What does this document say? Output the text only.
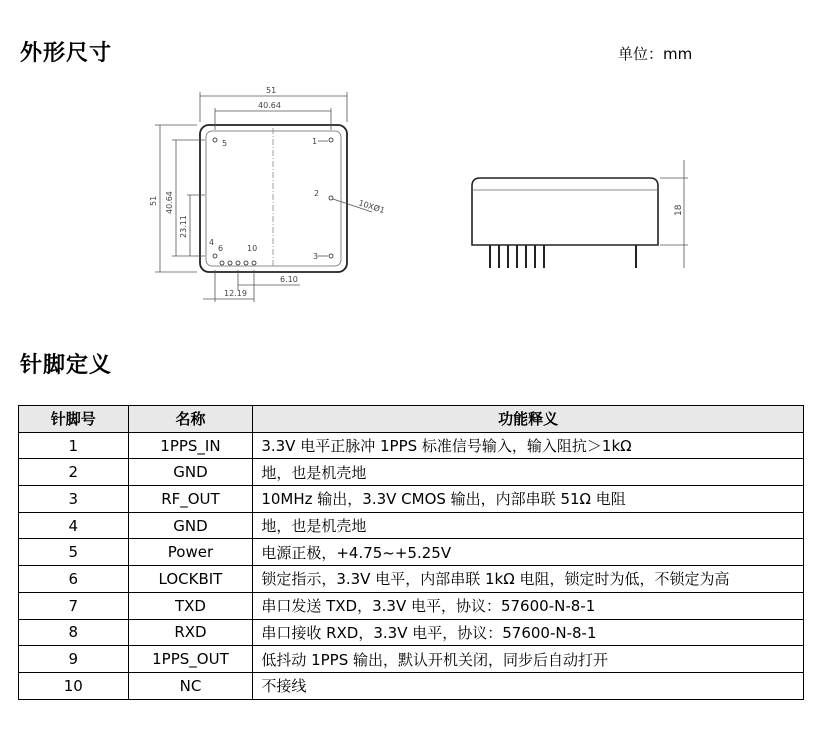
外形尺寸	单位：mm
51
40.64
51 40.64
23.11
5	1
2
3
4
6	10
10XØ1
6.10
12.19
18
针脚定义
针脚号	名称	功能释义
1	1PPS_IN	3.3V 电平正脉冲 1PPS 标准信号输入，输入阻抗＞1kΩ
2	GND	地，也是机壳地
3	RF_OUT	10MHz 输出，3.3V CMOS 输出，内部串联 51Ω 电阻
4	GND	地，也是机壳地
5	Power	电源正极，+4.75~+5.25V
6	LOCKBIT	锁定指示，3.3V 电平，内部串联 1kΩ 电阻，锁定时为低，不锁定为高
7	TXD	串口发送 TXD，3.3V 电平，协议：57600-N-8-1
8	RXD	串口接收 RXD，3.3V 电平，协议：57600-N-8-1
9	1PPS_OUT	低抖动 1PPS 输出，默认开机关闭，同步后自动打开
10	NC	不接线
